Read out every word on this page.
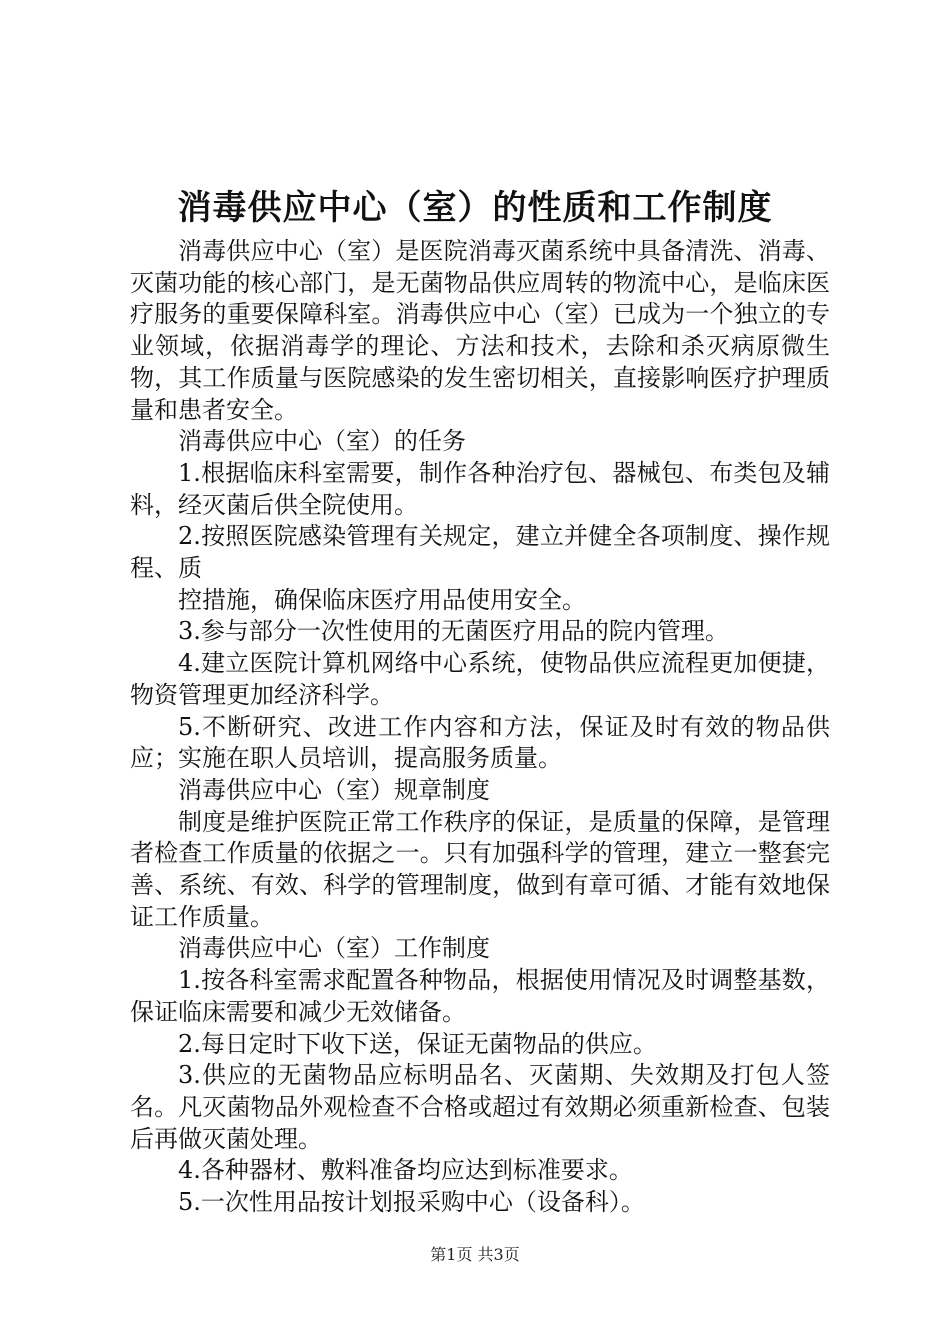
消毒供应中心（室）的性质和工作制度

消毒供应中心（室）是医院消毒灭菌系统中具备清洗、消毒、灭菌功能的核心部门，是无菌物品供应周转的物流中心，是临床医疗服务的重要保障科室。消毒供应中心（室）已成为一个独立的专业领域，依据消毒学的理论、方法和技术，去除和杀灭病原微生物，其工作质量与医院感染的发生密切相关，直接影响医疗护理质量和患者安全。

消毒供应中心（室）的任务

1.根据临床科室需要，制作各种治疗包、器械包、布类包及辅料，经灭菌后供全院使用。

2.按照医院感染管理有关规定，建立并健全各项制度、操作规程、质

控措施，确保临床医疗用品使用安全。

3.参与部分一次性使用的无菌医疗用品的院内管理。

4.建立医院计算机网络中心系统，使物品供应流程更加便捷，物资管理更加经济科学。

5.不断研究、改进工作内容和方法，保证及时有效的物品供应；实施在职人员培训，提高服务质量。

消毒供应中心（室）规章制度

制度是维护医院正常工作秩序的保证，是质量的保障，是管理者检查工作质量的依据之一。只有加强科学的管理，建立一整套完善、系统、有效、科学的管理制度，做到有章可循、才能有效地保证工作质量。

消毒供应中心（室）工作制度

1.按各科室需求配置各种物品，根据使用情况及时调整基数，保证临床需要和减少无效储备。

2.每日定时下收下送，保证无菌物品的供应。

3.供应的无菌物品应标明品名、灭菌期、失效期及打包人签名。凡灭菌物品外观检查不合格或超过有效期必须重新检查、包装后再做灭菌处理。

4.各种器材、敷料准备均应达到标准要求。

5.一次性用品按计划报采购中心（设备科）。

第1页 共3页
